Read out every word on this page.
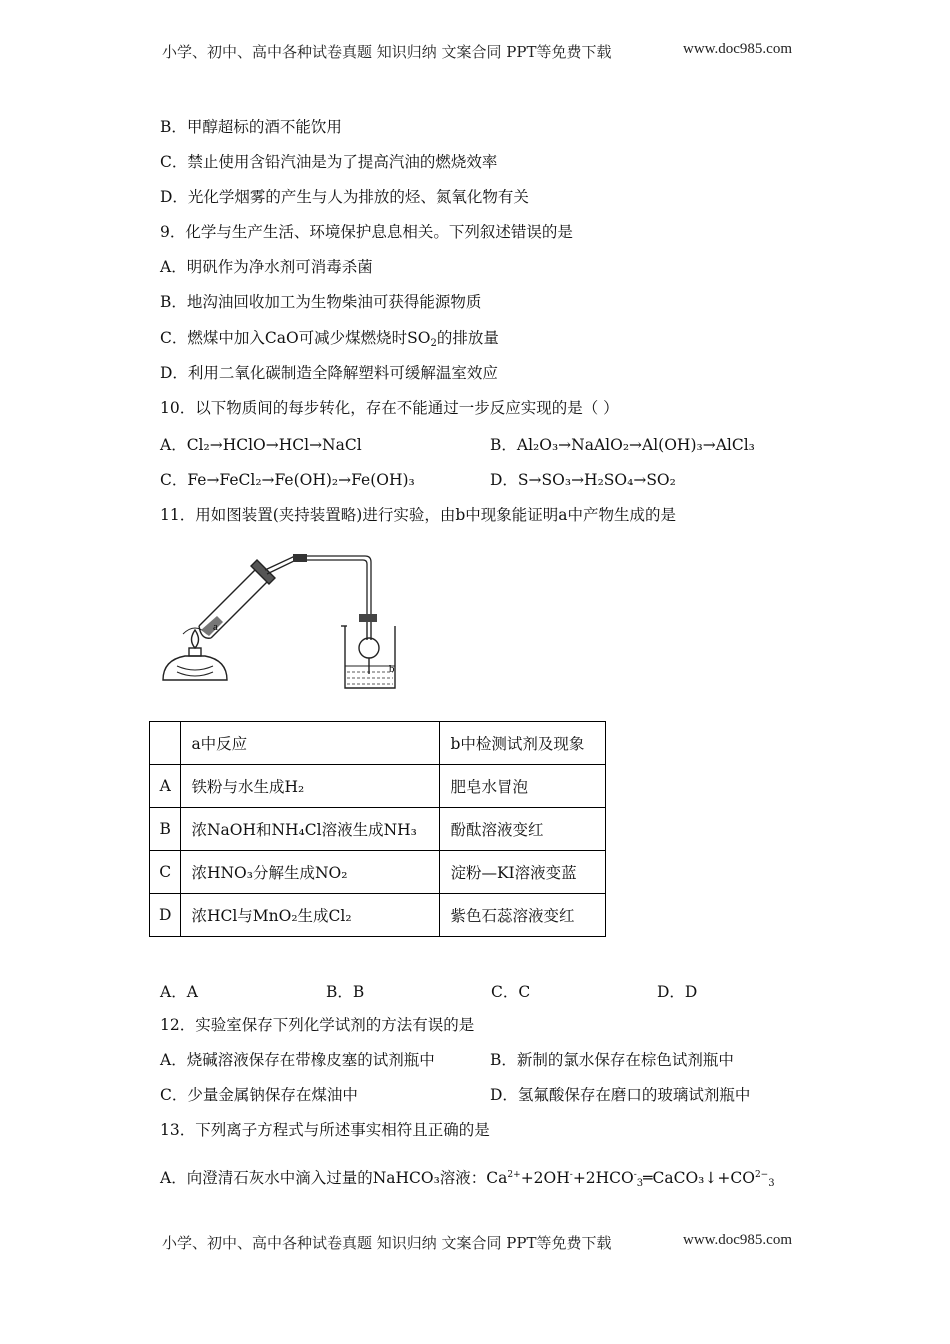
小学、初中、高中各种试卷真题 知识归纳 文案合同 PPT等免费下载	www.doc985.com
B．甲醇超标的酒不能饮用
C．禁止使用含铅汽油是为了提高汽油的燃烧效率
D．光化学烟雾的产生与人为排放的烃、氮氧化物有关
9．化学与生产生活、环境保护息息相关。下列叙述错误的是
A．明矾作为净水剂可消毒杀菌
B．地沟油回收加工为生物柴油可获得能源物质
C．燃煤中加入CaO可减少煤燃烧时$SO_2$的排放量
D．利用二氧化碳制造全降解塑料可缓解温室效应
10．以下物质间的每步转化，存在不能通过一步反应实现的是（ ）
A．Cl₂→HClO→HCl→NaCl	B．Al₂O₃→NaAlO₂→Al(OH)₃→AlCl₃
C．Fe→FeCl₂→Fe(OH)₂→Fe(OH)₃	D．S→SO₃→H₂SO₄→SO₂
11．用如图装置(夹持装置略)进行实验，由b中现象能证明a中产物生成的是
a
b
	a中反应	b中检测试剂及现象
A	铁粉与水生成H₂	肥皂水冒泡
B	浓NaOH和NH₄Cl溶液生成NH₃	酚酞溶液变红
C	浓HNO₃分解生成NO₂	淀粉—KI溶液变蓝
D	浓HCl与MnO₂生成Cl₂	紫色石蕊溶液变红
A．A	B．B	C．C	D．D
12．实验室保存下列化学试剂的方法有误的是
A．烧碱溶液保存在带橡皮塞的试剂瓶中	B．新制的氯水保存在棕色试剂瓶中
C．少量金属钠保存在煤油中	D．氢氟酸保存在磨口的玻璃试剂瓶中
13．下列离子方程式与所述事实相符且正确的是
A．向澄清石灰水中滴入过量的NaHCO₃溶液：$Ca^{2+}+2OH^-+2HCO^-_3═CaCO_3↓+CO^{2-}_3$
小学、初中、高中各种试卷真题 知识归纳 文案合同 PPT等免费下载	www.doc985.com
